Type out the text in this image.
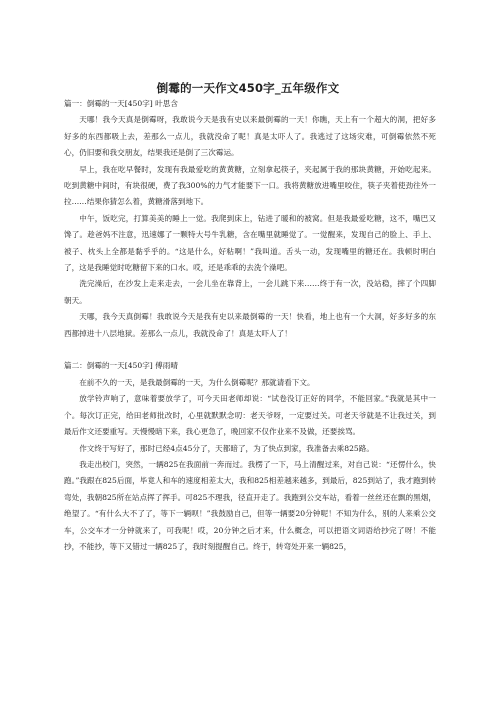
倒霉的一天作文450字_五年级作文

篇一：倒霉的一天[450字] 叶思含

天哪！我今天真是倒霉呀，我敢说今天是我有史以来最倒霉的一天！你瞧，天上有一个超大的洞，把好多好多的东西都吸上去，差那么一点儿，我就没命了呢！真是太吓人了。我逃过了这场灾难，可倒霉依然不死心，仍旧要和我交朋友，结果我还是倒了三次霉运。

早上，我在吃早餐时，发现有我最爱吃的黄黄糖，立刻拿起筷子，夹起属于我的那块黄糖，开始吃起来。吃到黄糖中间时，有块很硬，费了我300%的力气才能要下一口。我将黄糖放进嘴里咬住，筷子夹着使劲往外一拉……结果你猜怎么着，黄糖滑落到地下。

中午，饭吃完，打算美美的睡上一觉。我爬到床上，钻进了暖和的被窝。但是我最爱吃糖，这不，嘴巴又馋了。趁爸妈不注意，迅速娜了一颗特大号牛乳糖，含在嘴里就睡觉了。一觉醒来，发现自己的脸上、手上、被子、枕头上全都是黏乎乎的。“这是什么，好粘啊！”我叫道。舌头一动，发现嘴里的糖还在。我顿时明白了，这是我睡觉时吃糖留下来的口水。哎，还是乖乖的去洗个澡吧。

洗完澡后，在沙发上走来走去，一会儿坐在靠背上，一会儿跳下来……终于有一次，没站稳，摔了个四脚朝天。

天哪，我今天真倒霉！我敢说今天是我有史以来最倒霉的一天！快看，地上也有一个大洞，好多好多的东西都掉进十八层地狱。差那么一点儿，我就没命了！真是太吓人了！

篇二：倒霉的一天[450字] 傅雨晴

在前不久的一天，是我最倒霉的一天，为什么倒霉呢？那就请看下文。

放学铃声响了，意味着要放学了，可今天田老师却说：“试卷没订正好的同学，不能回家。”我就是其中一个。每次订正完，给田老师批改时，心里就默默念叨：老天爷呀，一定要过关。可老天爷就是不让我过关，到最后作文还要重写。天慢慢暗下来，我心更急了，晚回家不仅作业来不及做，还要挨骂。

作文终于写好了，那时已经4点45分了，天都暗了，为了快点到家，我准备去乘825路。

我走出校门，突然，一辆825在我面前一奔而过。我楞了一下，马上清醒过来，对自己说：“还愣什么，快跑。”我跟在825后面，毕竟人和车的速度相差太大，我和825相差越来越多，到最后，825到站了，我才跑到转弯处，我朝825所在站点挥了挥手。可825不理我，径直开走了。我跑到公交车站，看着一丝丝还在飘的黑烟，绝望了。“有什么大不了了，等下一辆呗！”我鼓励自己，但等一辆要20分钟呢！不知为什么，别的人来乘公交车，公交车才一分钟就来了，可我呢！哎，20分钟之后才来，什么概念，可以把语文词语给抄完了呀！不能抄，不能抄，等下又错过一辆825了，我时刻提醒自己。终于，转弯处开来一辆825，
